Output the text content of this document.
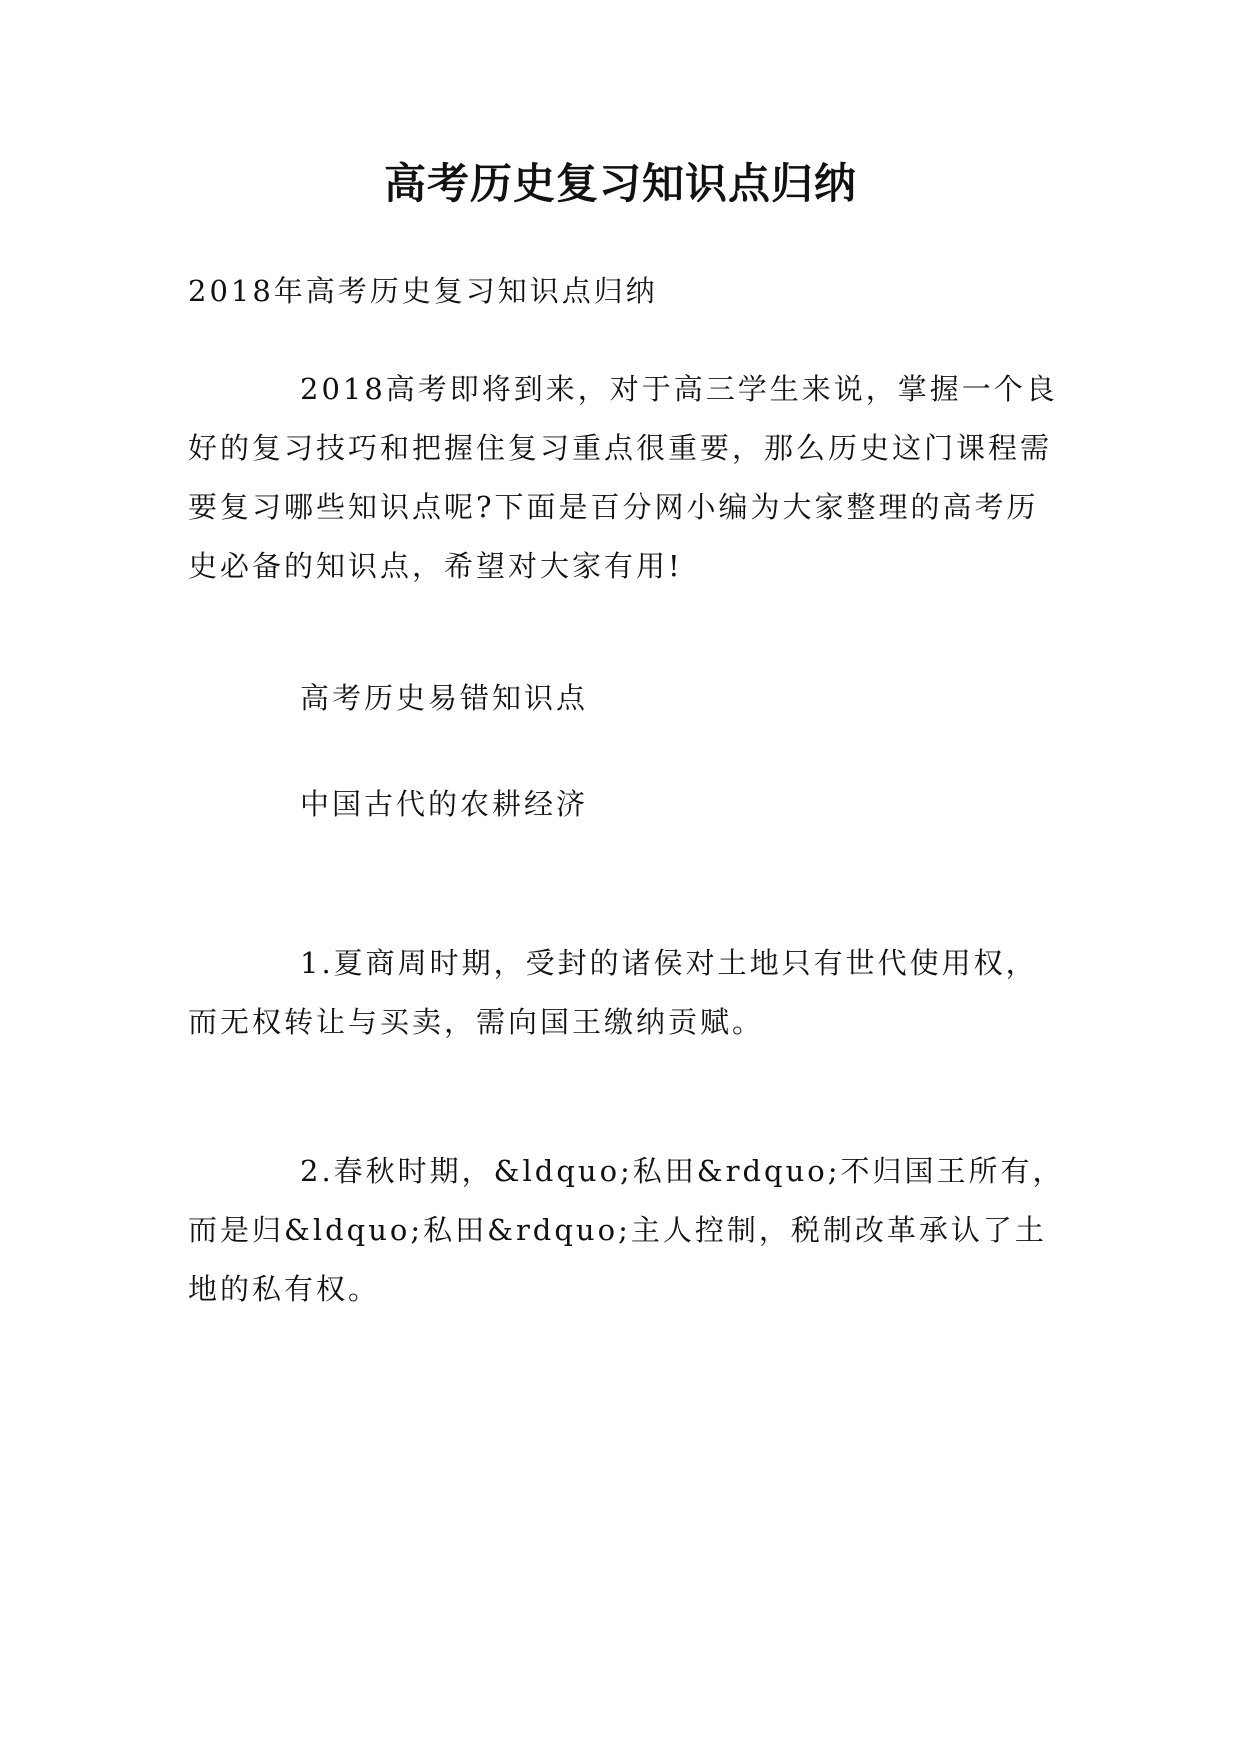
高考历史复习知识点归纳

2018年高考历史复习知识点归纳

2018高考即将到来，对于高三学生来说，掌握一个良好的复习技巧和把握住复习重点很重要，那么历史这门课程需要复习哪些知识点呢?下面是百分网小编为大家整理的高考历史必备的知识点，希望对大家有用!

高考历史易错知识点

中国古代的农耕经济

1.夏商周时期，受封的诸侯对土地只有世代使用权，而无权转让与买卖，需向国王缴纳贡赋。

2.春秋时期，&ldquo;私田&rdquo;不归国王所有，而是归&ldquo;私田&rdquo;主人控制，税制改革承认了土地的私有权。
